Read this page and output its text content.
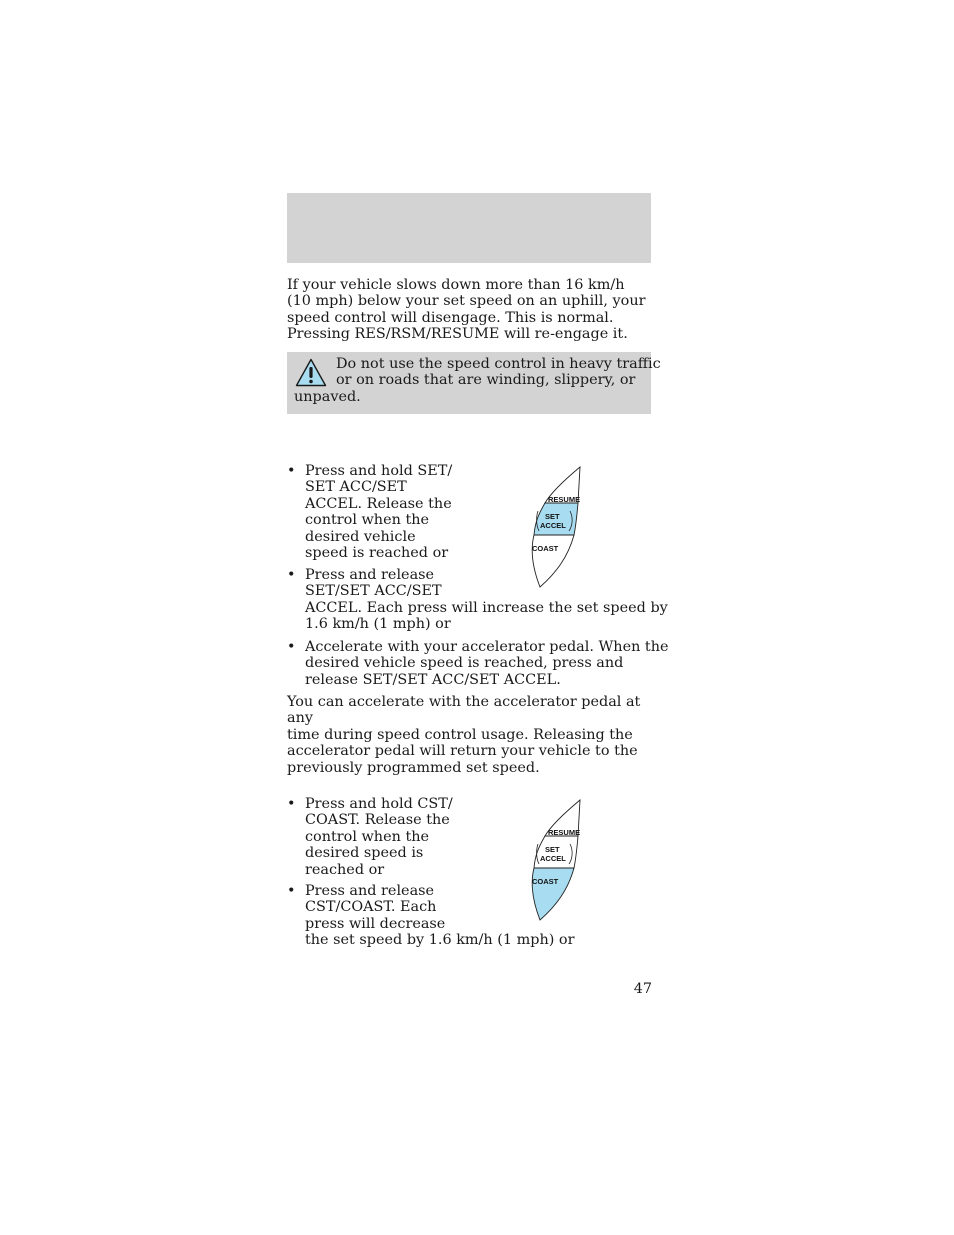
If your vehicle slows down more than 16 km/h
(10 mph) below your set speed on an uphill, your
speed control will disengage. This is normal.
Pressing RES/RSM/RESUME will re-engage it.
Do not use the speed control in heavy traffic
or on roads that are winding, slippery, or
unpaved.
• Press and hold SET/
SET ACC/SET
ACCEL. Release the
control when the
desired vehicle
speed is reached or
• Press and release
SET/SET ACC/SET
ACCEL. Each press will increase the set speed by
1.6 km/h (1 mph) or
• Accelerate with your accelerator pedal. When the
desired vehicle speed is reached, press and
release SET/SET ACC/SET ACCEL.
RESUME
SET
ACCEL
COAST
You can accelerate with the accelerator pedal at any
time during speed control usage. Releasing the
accelerator pedal will return your vehicle to the
previously programmed set speed.
• Press and hold CST/
COAST. Release the
control when the
desired speed is
reached or
• Press and release
CST/COAST. Each
press will decrease
the set speed by 1.6 km/h (1 mph) or
RESUME
SET
ACCEL
COAST
47
